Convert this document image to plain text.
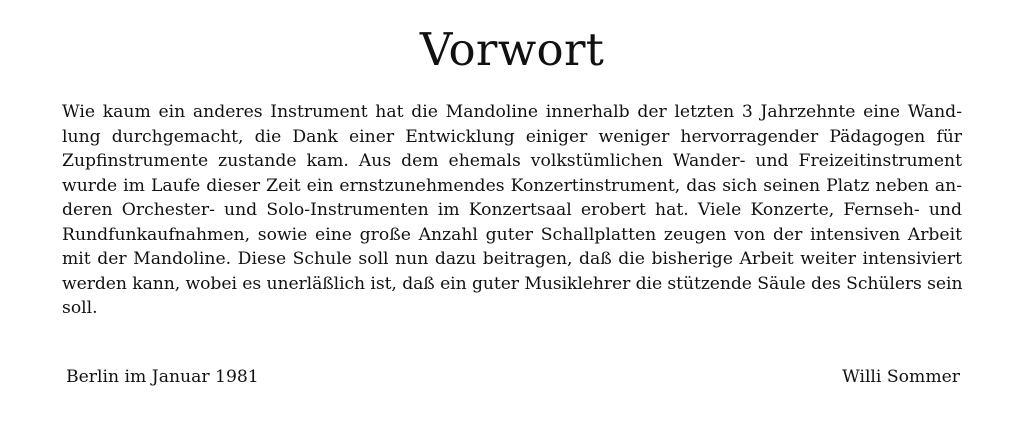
Vorwort
Wie kaum ein anderes Instrument hat die Mandoline innerhalb der letzten 3 Jahrzehnte eine Wand-
lung durchgemacht, die Dank einer Entwicklung einiger weniger hervorragender Pädagogen für
Zupfinstrumente zustande kam. Aus dem ehemals volkstümlichen Wander- und Freizeitinstrument
wurde im Laufe dieser Zeit ein ernstzunehmendes Konzertinstrument, das sich seinen Platz neben an-
deren Orchester- und Solo-Instrumenten im Konzertsaal erobert hat. Viele Konzerte, Fernseh- und
Rundfunkaufnahmen, sowie eine große Anzahl guter Schallplatten zeugen von der intensiven Arbeit
mit der Mandoline. Diese Schule soll nun dazu beitragen, daß die bisherige Arbeit weiter intensiviert
werden kann, wobei es unerläßlich ist, daß ein guter Musiklehrer die stützende Säule des Schülers sein
soll.
Berlin im Januar 1981	Willi Sommer
